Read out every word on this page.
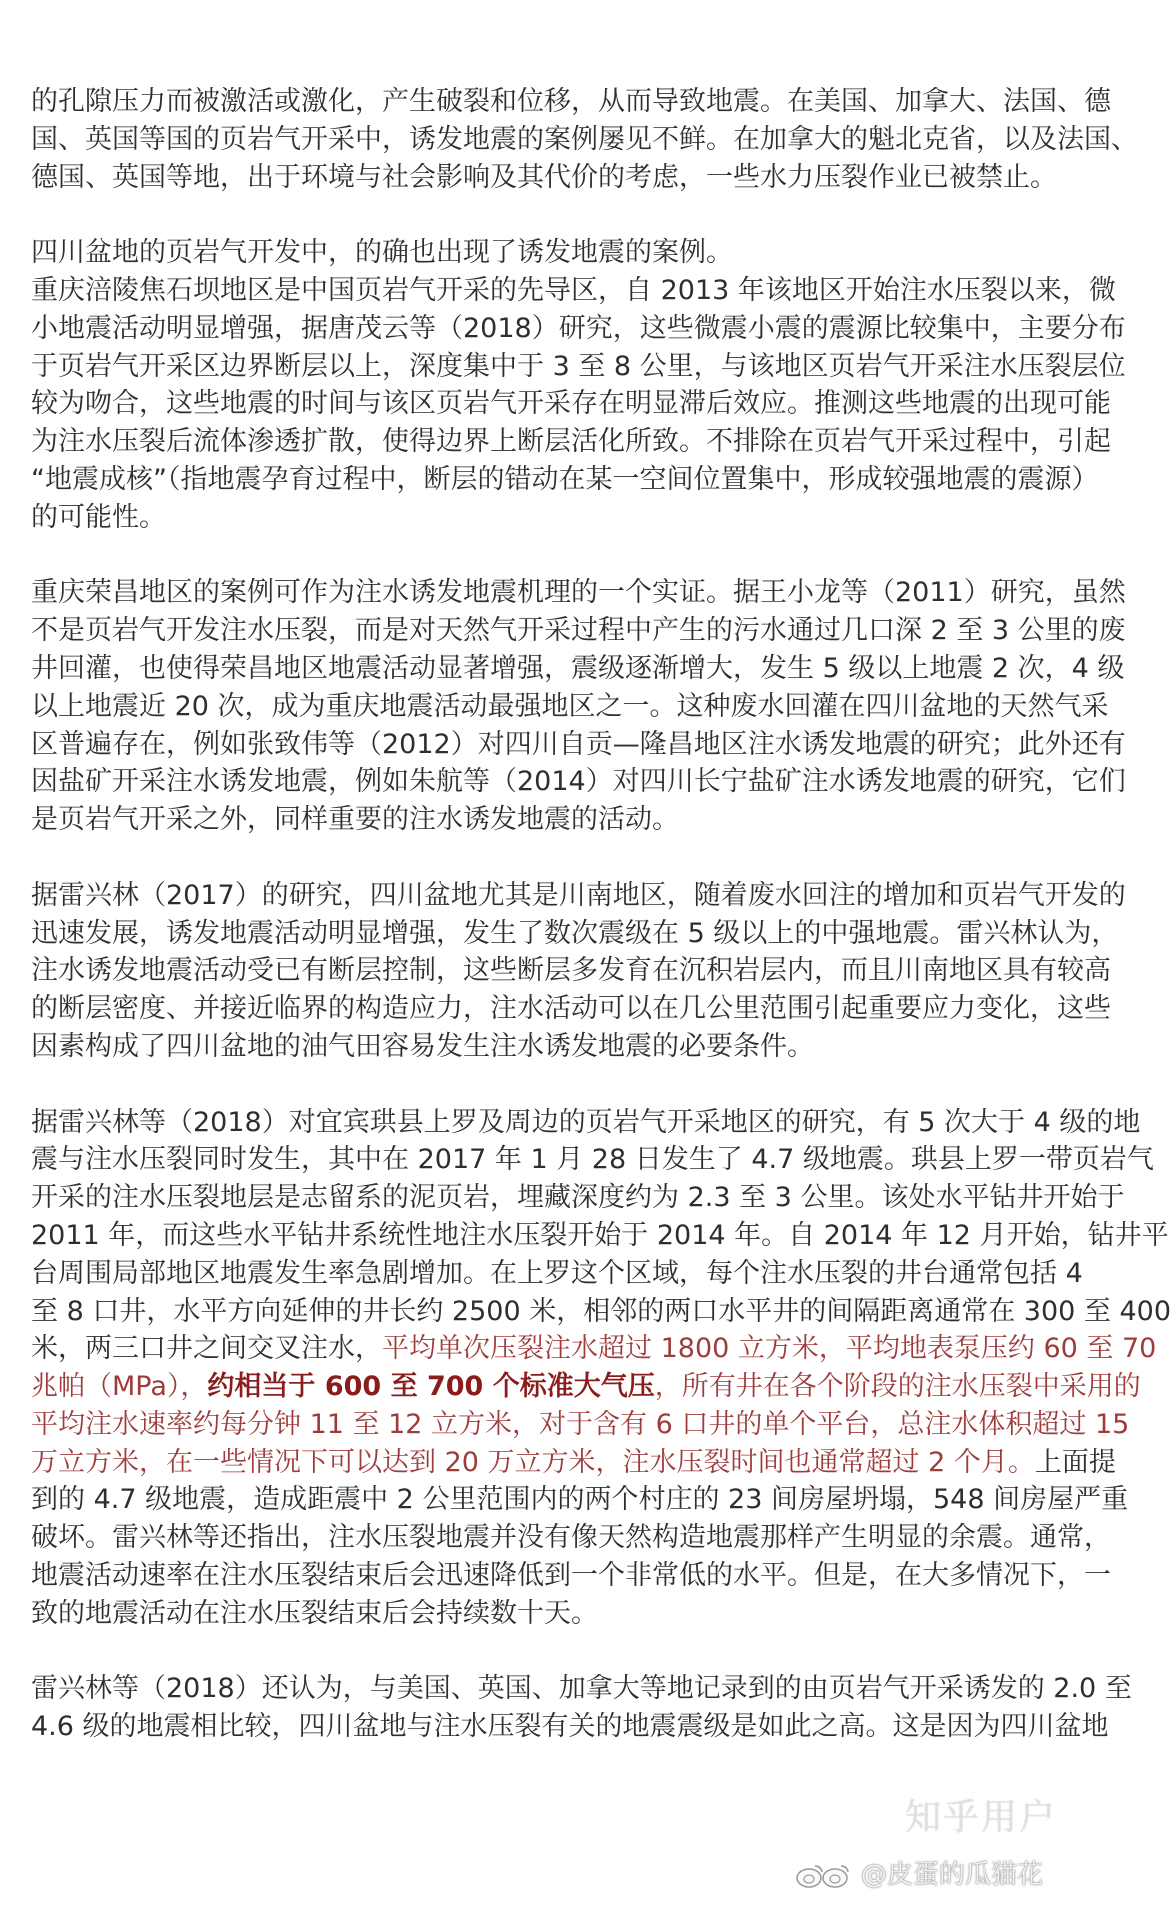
的孔隙压力而被激活或激化，产生破裂和位移，从而导致地震。在美国、加拿大、法国、德
国、英国等国的页岩气开采中，诱发地震的案例屡见不鲜。在加拿大的魁北克省，以及法国、
德国、英国等地，出于环境与社会影响及其代价的考虑，一些水力压裂作业已被禁止。
四川盆地的页岩气开发中，的确也出现了诱发地震的案例。
重庆涪陵焦石坝地区是中国页岩气开采的先导区，自 2013 年该地区开始注水压裂以来，微
小地震活动明显增强，据唐茂云等（2018）研究，这些微震小震的震源比较集中，主要分布
于页岩气开采区边界断层以上，深度集中于 3 至 8 公里，与该地区页岩气开采注水压裂层位
较为吻合，这些地震的时间与该区页岩气开采存在明显滞后效应。推测这些地震的出现可能
为注水压裂后流体渗透扩散，使得边界上断层活化所致。不排除在页岩气开采过程中，引起
“地震成核”（指地震孕育过程中，断层的错动在某一空间位置集中，形成较强地震的震源）
的可能性。
重庆荣昌地区的案例可作为注水诱发地震机理的一个实证。据王小龙等（2011）研究，虽然
不是页岩气开发注水压裂，而是对天然气开采过程中产生的污水通过几口深 2 至 3 公里的废
井回灌，也使得荣昌地区地震活动显著增强，震级逐渐增大，发生 5 级以上地震 2 次，4 级
以上地震近 20 次，成为重庆地震活动最强地区之一。这种废水回灌在四川盆地的天然气采
区普遍存在，例如张致伟等（2012）对四川自贡—隆昌地区注水诱发地震的研究；此外还有
因盐矿开采注水诱发地震，例如朱航等（2014）对四川长宁盐矿注水诱发地震的研究，它们
是页岩气开采之外，同样重要的注水诱发地震的活动。
据雷兴林（2017）的研究，四川盆地尤其是川南地区，随着废水回注的增加和页岩气开发的
迅速发展，诱发地震活动明显增强，发生了数次震级在 5 级以上的中强地震。雷兴林认为，
注水诱发地震活动受已有断层控制，这些断层多发育在沉积岩层内，而且川南地区具有较高
的断层密度、并接近临界的构造应力，注水活动可以在几公里范围引起重要应力变化，这些
因素构成了四川盆地的油气田容易发生注水诱发地震的必要条件。
据雷兴林等（2018）对宜宾珙县上罗及周边的页岩气开采地区的研究，有 5 次大于 4 级的地
震与注水压裂同时发生，其中在 2017 年 1 月 28 日发生了 4.7 级地震。珙县上罗一带页岩气
开采的注水压裂地层是志留系的泥页岩，埋藏深度约为 2.3 至 3 公里。该处水平钻井开始于
2011 年，而这些水平钻井系统性地注水压裂开始于 2014 年。自 2014 年 12 月开始，钻井平
台周围局部地区地震发生率急剧增加。在上罗这个区域，每个注水压裂的井台通常包括 4
至 8 口井，水平方向延伸的井长约 2500 米，相邻的两口水平井的间隔距离通常在 300 至 400
米，两三口井之间交叉注水，平均单次压裂注水超过 1800 立方米，平均地表泵压约 60 至 70
兆帕（MPa），约相当于 600 至 700 个标准大气压，所有井在各个阶段的注水压裂中采用的
平均注水速率约每分钟 11 至 12 立方米，对于含有 6 口井的单个平台，总注水体积超过 15
万立方米，在一些情况下可以达到 20 万立方米，注水压裂时间也通常超过 2 个月。上面提
到的 4.7 级地震，造成距震中 2 公里范围内的两个村庄的 23 间房屋坍塌，548 间房屋严重
破坏。雷兴林等还指出，注水压裂地震并没有像天然构造地震那样产生明显的余震。通常，
地震活动速率在注水压裂结束后会迅速降低到一个非常低的水平。但是，在大多情况下，一
致的地震活动在注水压裂结束后会持续数十天。
雷兴林等（2018）还认为，与美国、英国、加拿大等地记录到的由页岩气开采诱发的 2.0 至
4.6 级的地震相比较，四川盆地与注水压裂有关的地震震级是如此之高。这是因为四川盆地
知乎用户
@皮蛋的瓜猫花
